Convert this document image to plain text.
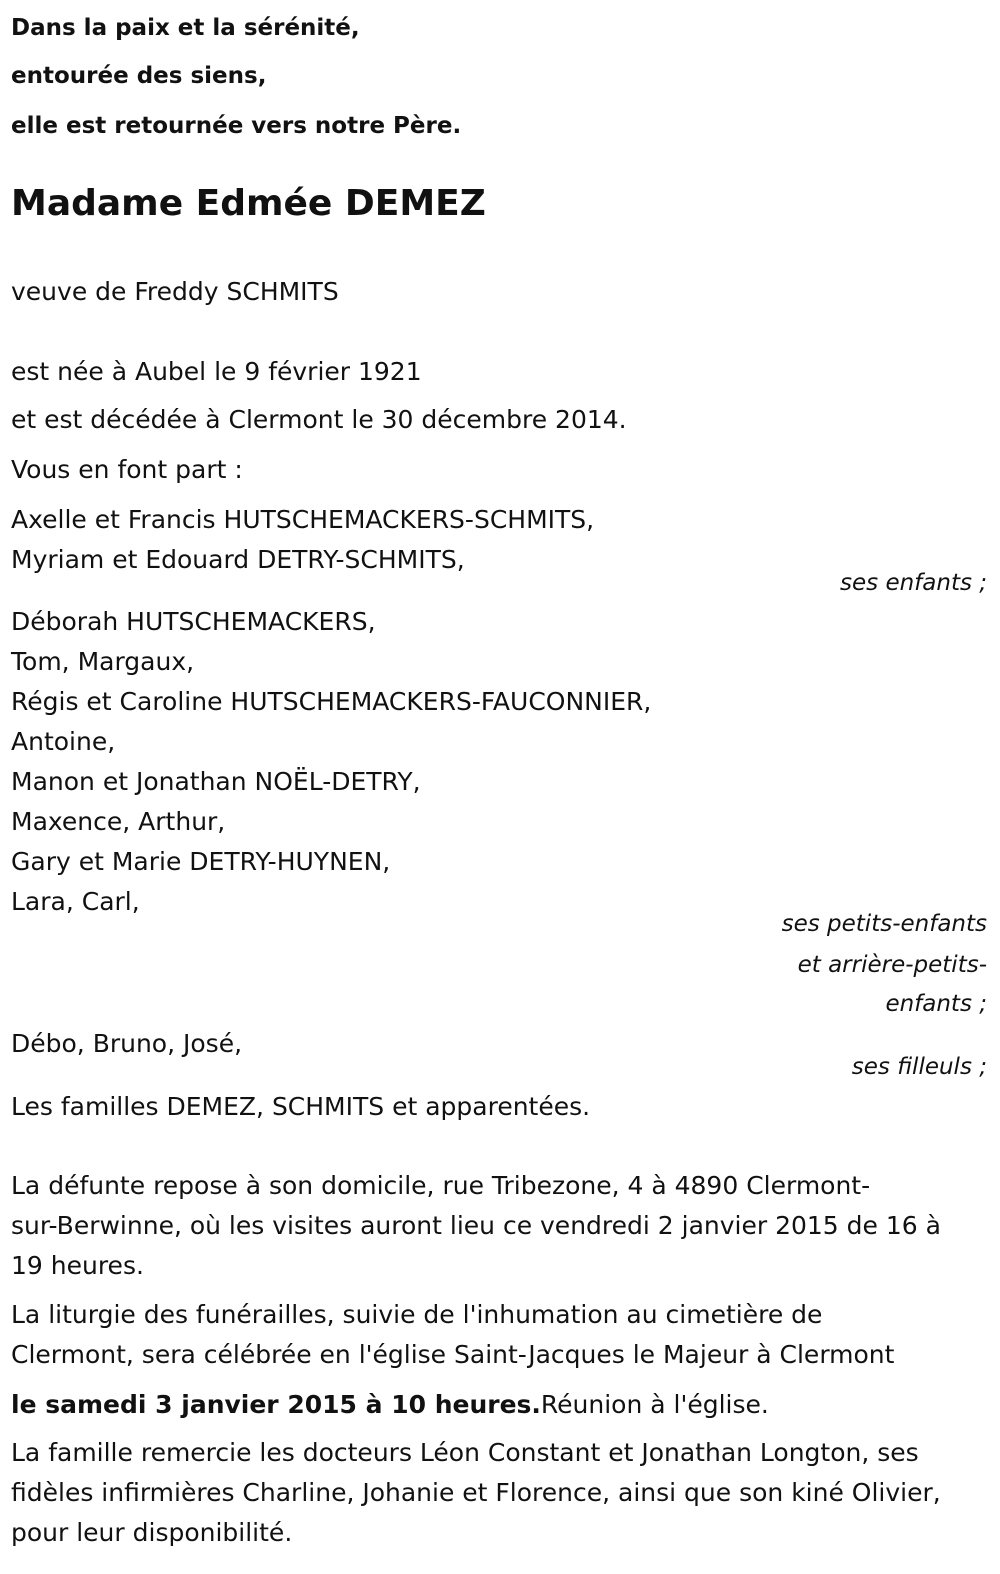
Dans la paix et la sérénité,
entourée des siens,
elle est retournée vers notre Père.
Madame Edmée DEMEZ
veuve de Freddy SCHMITS
est née à Aubel le 9 février 1921
et est décédée à Clermont le 30 décembre 2014.
Vous en font part :
Axelle et Francis HUTSCHEMACKERS-SCHMITS,
Myriam et Edouard DETRY-SCHMITS,
ses enfants ;
Déborah HUTSCHEMACKERS,
Tom, Margaux,
Régis et Caroline HUTSCHEMACKERS-FAUCONNIER,
Antoine,
Manon et Jonathan NOËL-DETRY,
Maxence, Arthur,
Gary et Marie DETRY-HUYNEN,
Lara, Carl,
ses petits-enfants
et arrière-petits-
enfants ;
Débo, Bruno, José,
ses filleuls ;
Les familles DEMEZ, SCHMITS et apparentées.
La défunte repose à son domicile, rue Tribezone, 4 à 4890 Clermont-
sur-Berwinne, où les visites auront lieu ce vendredi 2 janvier 2015 de 16 à
19 heures.
La liturgie des funérailles, suivie de l'inhumation au cimetière de
Clermont, sera célébrée en l'église Saint-Jacques le Majeur à Clermont
le samedi 3 janvier 2015 à 10 heures.Réunion à l'église.
La famille remercie les docteurs Léon Constant et Jonathan Longton, ses
fidèles infirmières Charline, Johanie et Florence, ainsi que son kiné Olivier,
pour leur disponibilité.
